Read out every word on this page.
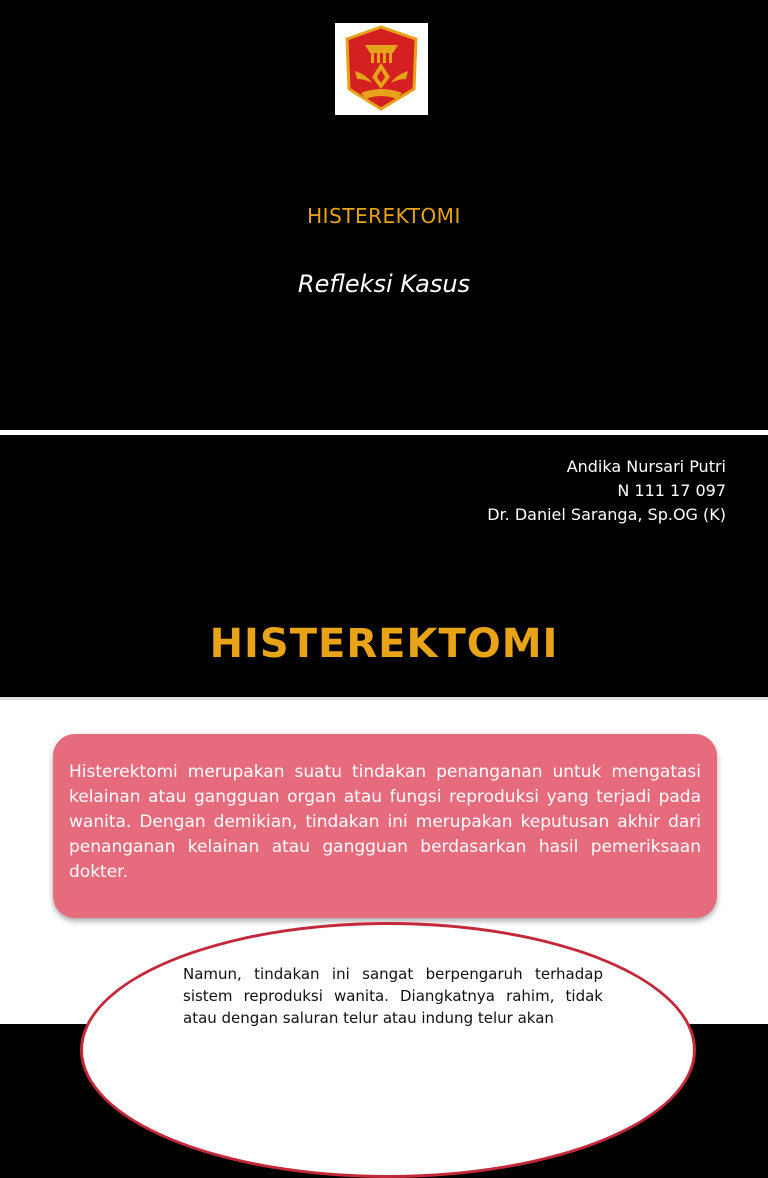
HISTEREKTOMI
Refleksi Kasus
Andika Nursari Putri
N 111 17 097
Dr. Daniel Saranga, Sp.OG (K)
HISTEREKTOMI

Histerektomi merupakan suatu tindakan penanganan untuk mengatasi kelainan atau gangguan organ atau fungsi reproduksi yang terjadi pada wanita. Dengan demikian, tindakan ini merupakan keputusan akhir dari penanganan kelainan atau gangguan berdasarkan hasil pemeriksaan dokter.

Namun, tindakan ini sangat berpengaruh terhadap sistem reproduksi wanita. Diangkatnya rahim, tidak atau dengan saluran telur atau indung telur akan
